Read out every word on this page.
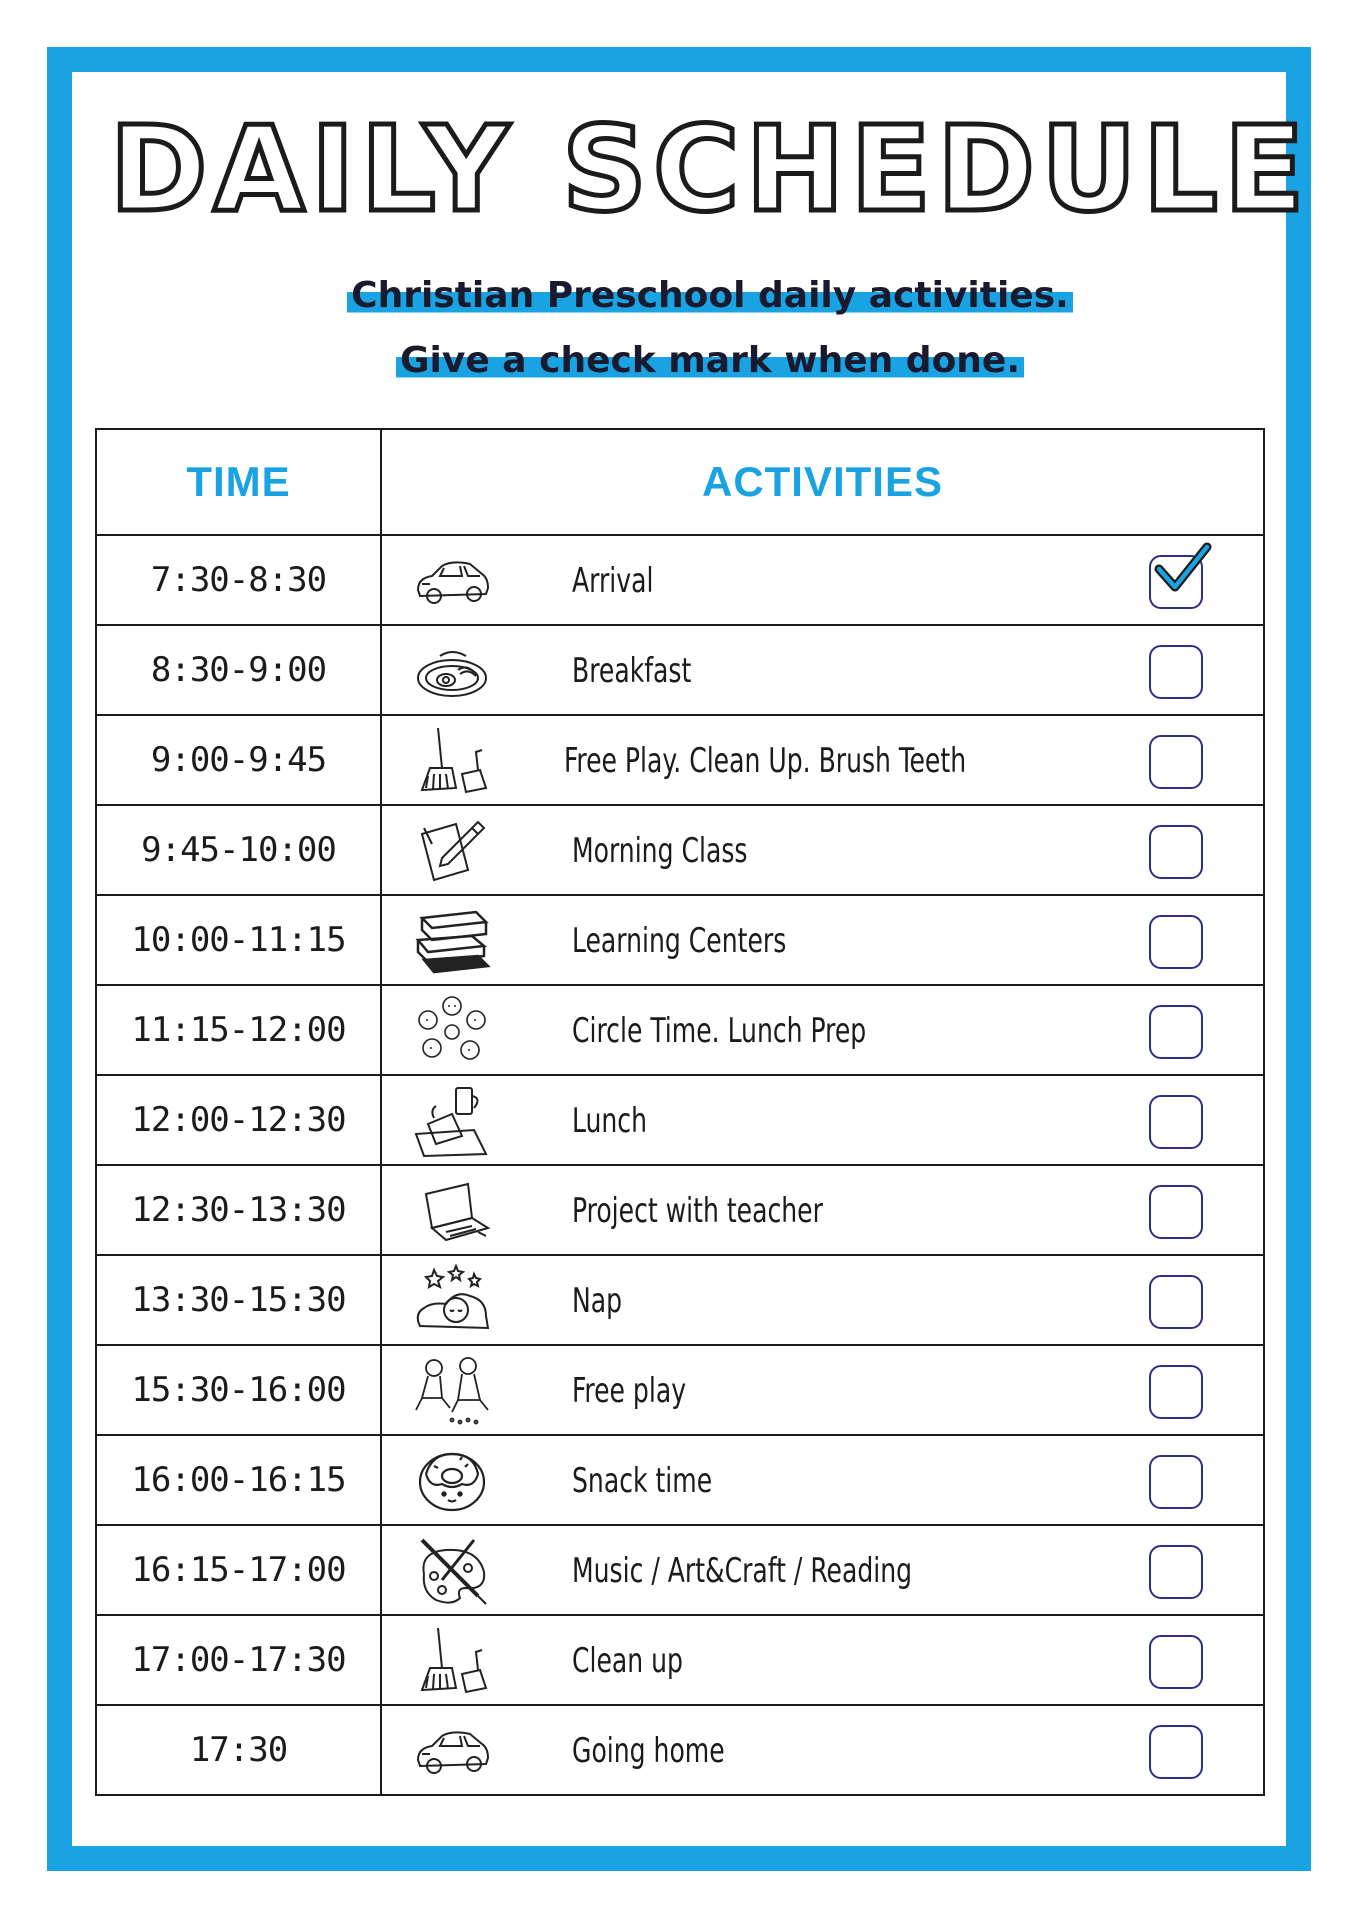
DAILY SCHEDULE
Christian Preschool daily activities.
Give a check mark when done.
TIME	ACTIVITIES
7:30-8:30	Arrival

8:30-9:00	Breakfast

9:00-9:45	Free Play. Clean Up. Brush Teeth

9:45-10:00	Morning Class

10:00-11:15	Learning Centers

11:15-12:00	Circle Time. Lunch Prep

12:00-12:30	Lunch

12:30-13:30	Project with teacher

13:30-15:30	Nap

15:30-16:00	Free play

16:00-16:15	Snack time

16:15-17:00	Music / Art&Craft / Reading

17:00-17:30	Clean up

17:30	Going home
